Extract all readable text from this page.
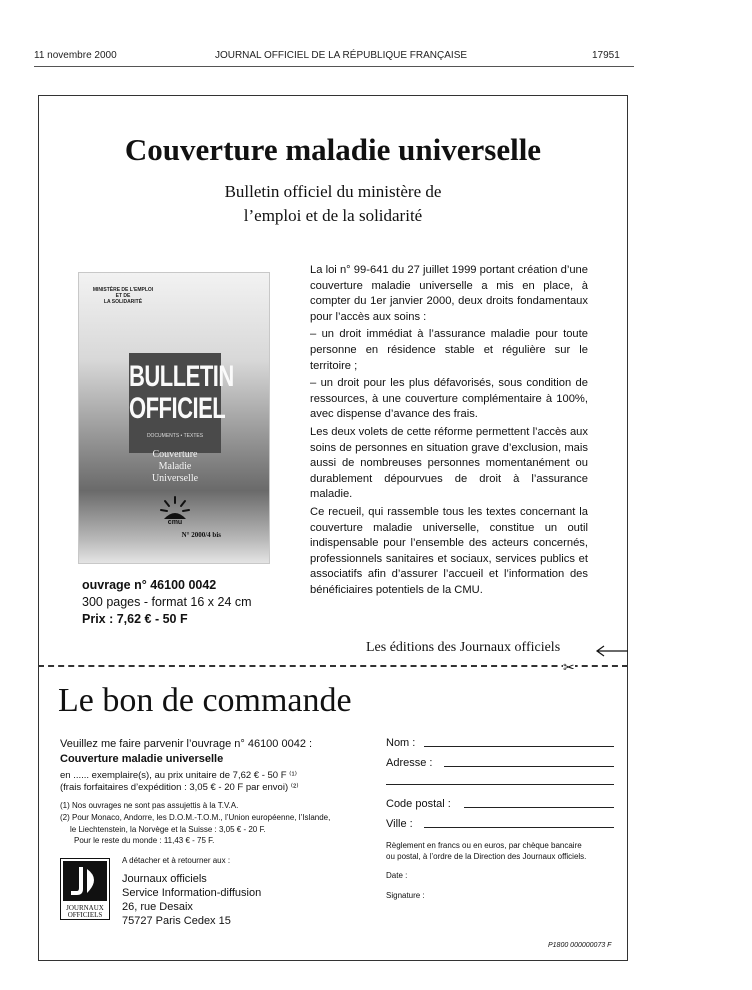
11 novembre 2000	JOURNAL OFFICIEL DE LA RÉPUBLIQUE FRANÇAISE	17951
Couverture maladie universelle
Bulletin officiel du ministère de
l’emploi et de la solidarité
MINISTÈRE DE L'EMPLOI
ET DE
LA SOLIDARITÉ
BULLETIN
OFFICIEL
DOCUMENTS • TEXTES
Couverture
Maladie
Universelle
cmu
N° 2000/4 bis
ouvrage n° 46100 0042
300 pages - format 16 x 24 cm
Prix : 7,62 € - 50 F

La loi n° 99-641 du 27 juillet 1999 portant création d’une couverture maladie universelle a mis en place, à compter du 1er janvier 2000, deux droits fondamentaux pour l’accès aux soins :

– un droit immédiat à l’assurance maladie pour toute personne en résidence stable et régulière sur le territoire ;

– un droit pour les plus défavorisés, sous condition de ressources, à une couverture complémentaire à 100%, avec dispense d’avance des frais.

Les deux volets de cette réforme permettent l’accès aux soins de personnes en situation grave d’exclusion, mais aussi de nombreuses personnes momentanément ou durablement dépourvues de droit à l’assurance maladie.

Ce recueil, qui rassemble tous les textes concernant la couverture maladie universelle, constitue un outil indispensable pour l’ensemble des acteurs concernés, professionnels sanitaires et sociaux, services publics et associatifs afin d’assurer l’accueil et l’information des bénéficiaires potentiels de la CMU.

Les éditions des Journaux officiels
✂
Le bon de commande
Veuillez me faire parvenir l’ouvrage n° 46100 0042 :
Couverture maladie universelle
en ...... exemplaire(s), au prix unitaire de 7,62 € - 50 F ⁽¹⁾
(frais forfaitaires d’expédition : 3,05 € - 20 F par envoi) ⁽²⁾
(1) Nos ouvrages ne sont pas assujettis à la T.V.A.
(2) Pour Monaco, Andorre, les D.O.M.-T.O.M., l’Union européenne, l’Islande,
le Liechtenstein, la Norvège et la Suisse : 3,05 € - 20 F.
Pour le reste du monde : 11,43 € - 75 F.
A détacher et à retourner aux :
JOURNAUX
OFFICIELS
Journaux officiels
Service Information-diffusion
26, rue Desaix
75727 Paris Cedex 15
Nom :
Adresse :
Code postal :
Ville :
Règlement en francs ou en euros, par chèque bancaire
ou postal, à l’ordre de la Direction des Journaux officiels.
Date :
Signature :
P1800 000000073 F
